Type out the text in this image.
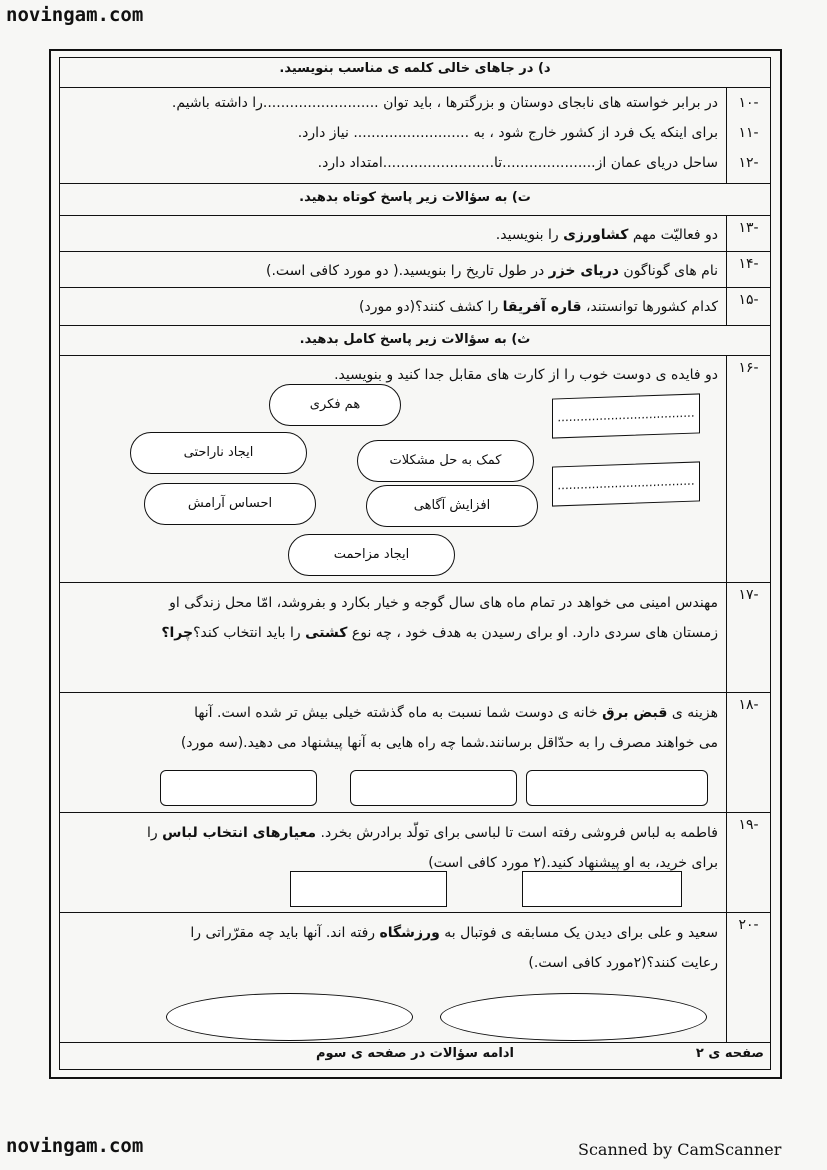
novingam.com
د) در جاهای خالی کلمه ی مناسب بنویسید.
-۱۰
-۱۱
-۱۲
در برابر خواسته های نابجای دوستان و بزرگترها ، باید توان ..........................را داشته باشیم.
برای اینکه یک فرد از کشور خارج شود ، به .......................... نیاز دارد.
ساحل دریای عمان از.....................تا.........................امتداد دارد.
ت) به سؤالات زیر پاسخ کوتاه بدهید.
-۱۳
دو فعالیّت مهم کشاورزی را بنویسید.
-۱۴
نام های گوناگون دریای خزر در طول تاریخ را بنویسید.( دو مورد کافی است.)
-۱۵
کدام کشورها توانستند، قاره آفریقا را کشف کنند؟(دو مورد)
ث) به سؤالات زیر پاسخ کامل بدهید.
-۱۶
دو فایده ی دوست خوب را از کارت های مقابل جدا کنید و بنویسید.
هم فکری
ایجاد ناراحتی
کمک به حل مشکلات
احساس آرامش	افزایش آگاهی
ایجاد مزاحمت
....................................
....................................
-۱۷
مهندس امینی می خواهد در تمام ماه های سال گوجه و خیار بکارد و بفروشد، امّا محل زندگی او
زمستان های سردی دارد. او برای رسیدن به هدف خود ، چه نوع کشتی را باید انتخاب کند؟چرا؟
-۱۸
هزینه ی قبض برق خانه ی دوست شما نسبت به ماه گذشته خیلی بیش تر شده است. آنها
می خواهند مصرف را به حدّاقل برسانند.شما چه راه هایی به آنها پیشنهاد می دهید.(سه مورد)
-۱۹
فاطمه به لباس فروشی رفته است تا لباسی برای تولّد برادرش بخرد. معیارهای انتخاب لباس را
برای خرید، به او پیشنهاد کنید.(۲ مورد کافی است)
-۲۰
سعید و علی برای دیدن یک مسابقه ی فوتبال به ورزشگاه رفته اند. آنها باید چه مقرّراتی را
رعایت کنند؟(۲مورد کافی است.)
صفحه ی ۲
ادامه سؤالات در صفحه ی سوم
novingam.com	Scanned by CamScanner
